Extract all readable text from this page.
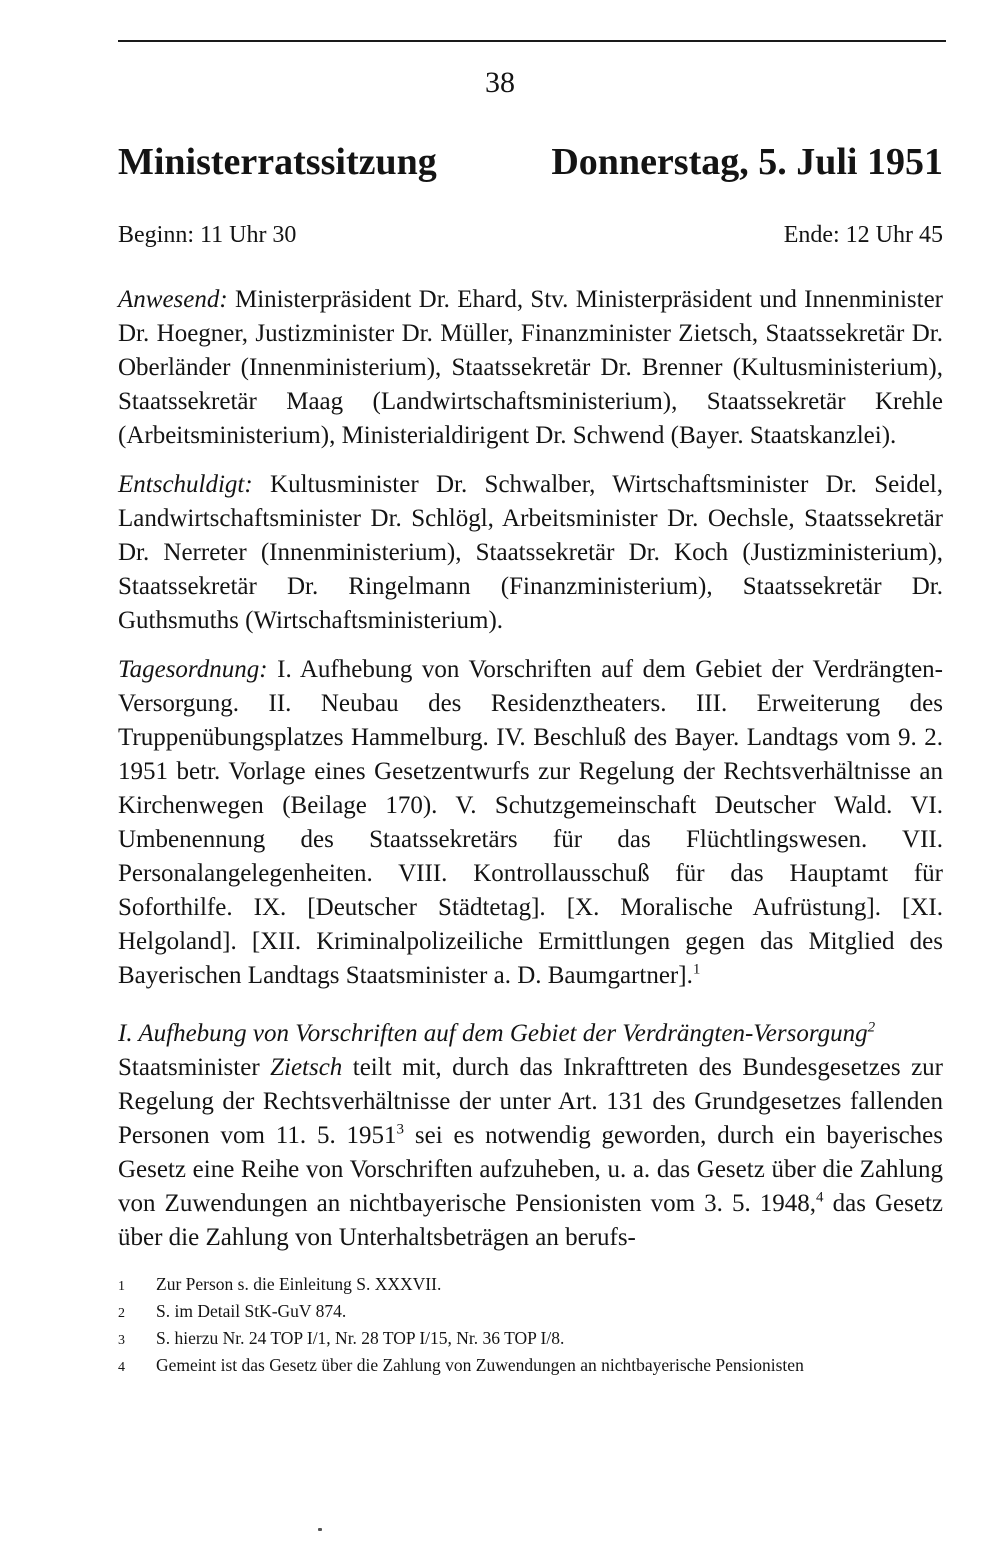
38
Ministerratssitzung	Donnerstag, 5. Juli 1951
Beginn: 11 Uhr 30	Ende: 12 Uhr 45

Anwesend: Ministerpräsident Dr. Ehard, Stv. Ministerpräsident und Innenminister Dr. Hoegner, Justizminister Dr. Müller, Finanzminister Zietsch, Staatssekretär Dr. Oberländer (Innenministerium), Staatssekretär Dr. Brenner (Kultusministerium), Staatssekretär Maag (Landwirtschaftsministerium), Staatssekretär Krehle (Arbeitsministerium), Ministerialdirigent Dr. Schwend (Bayer. Staatskanzlei).

Entschuldigt: Kultusminister Dr. Schwalber, Wirtschaftsminister Dr. Seidel, Landwirtschaftsminister Dr. Schlögl, Arbeitsminister Dr. Oechsle, Staatssekretär Dr. Nerreter (Innenministerium), Staatssekretär Dr. Koch (Justizministerium), Staatssekretär Dr. Ringelmann (Finanzministerium), Staatssekretär Dr. Guthsmuths (Wirtschaftsministerium).

Tagesordnung: I. Aufhebung von Vorschriften auf dem Gebiet der Verdrängten-Versorgung. II. Neubau des Residenztheaters. III. Erweiterung des Truppenübungsplatzes Hammelburg. IV. Beschluß des Bayer. Landtags vom 9. 2. 1951 betr. Vorlage eines Gesetzentwurfs zur Regelung der Rechtsverhältnisse an Kirchenwegen (Beilage 170). V. Schutzgemeinschaft Deutscher Wald. VI. Umbenennung des Staatssekretärs für das Flüchtlingswesen. VII. Personalangelegenheiten. VIII. Kontrollausschuß für das Hauptamt für Soforthilfe. IX. [Deutscher Städtetag]. [X. Moralische Aufrüstung]. [XI. Helgoland]. [XII. Kriminalpolizeiliche Ermittlungen gegen das Mitglied des Bayerischen Landtags Staatsminister a. D. Baumgartner].$^1$

I. Aufhebung von Vorschriften auf dem Gebiet der Verdrängten-Versorgung$^2$

Staatsminister Zietsch teilt mit, durch das Inkrafttreten des Bundesgesetzes zur Regelung der Rechtsverhältnisse der unter Art. 131 des Grundgesetzes fallenden Personen vom 11. 5. 1951$^3$ sei es notwendig geworden, durch ein bayerisches Gesetz eine Reihe von Vorschriften aufzuheben, u. a. das Gesetz über die Zahlung von Zuwendungen an nichtbayerische Pensionisten vom 3. 5. 1948,$^4$ das Gesetz über die Zahlung von Unterhaltsbeträgen an berufs-

1	Zur Person s. die Einleitung S. XXXVII.
2	S. im Detail StK-GuV 874.
3	S. hierzu Nr. 24 TOP I/1, Nr. 28 TOP I/15, Nr. 36 TOP I/8.
4	Gemeint ist das Gesetz über die Zahlung von Zuwendungen an nichtbayerische Pensionisten
